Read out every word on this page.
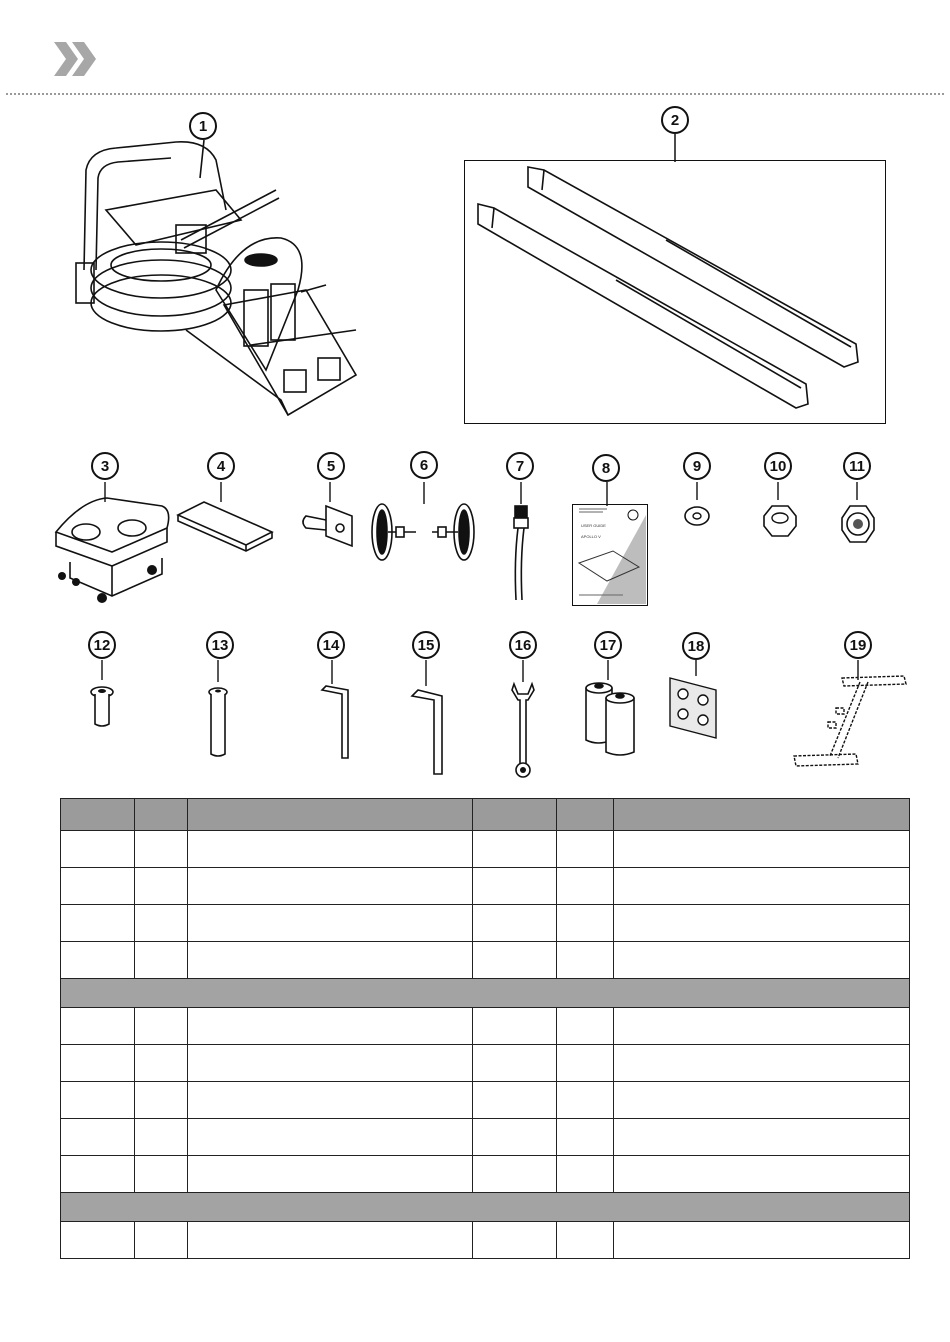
1	2
3	4	5	6	7	8	9	10	11
12	13	14	15	16	17	18	19
USER GUIDE
APOLLO V
